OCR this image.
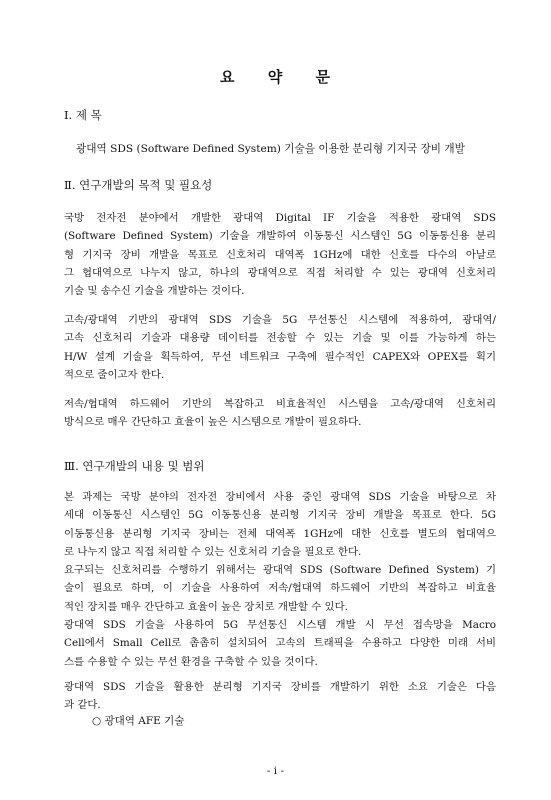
요 약 문
Ⅰ. 제 목
광대역 SDS (Software Defined System) 기술을 이용한 분리형 기지국 장비 개발
Ⅱ. 연구개발의 목적 및 필요성
국방 전자전 분야에서 개발한 광대역 Digital IF 기술을 적용한 광대역 SDS
(Software Defined System) 기술을 개발하여 이동통신 시스템인 5G 이동통신용 분리
형 기지국 장비 개발을 목표로 신호처리 대역폭 1GHz에 대한 신호를 다수의 아날로
그 협대역으로 나누지 않고, 하나의 광대역으로 직접 처리할 수 있는 광대역 신호처리
기술 및 송수신 기술을 개발하는 것이다.
고속/광대역 기반의 광대역 SDS 기술을 5G 무선통신 시스템에 적용하여, 광대역/
고속 신호처리 기술과 대용량 데이터를 전송할 수 있는 기술 및 이를 가능하게 하는
H/W 설계 기술을 획득하여, 무선 네트워크 구축에 필수적인 CAPEX와 OPEX를 획기
적으로 줄이고자 한다.
저속/협대역 하드웨어 기반의 복잡하고 비효율적인 시스템을 고속/광대역 신호처리
방식으로 매우 간단하고 효율이 높은 시스템으로 개발이 필요하다.
Ⅲ. 연구개발의 내용 및 범위
본 과제는 국방 분야의 전자전 장비에서 사용 중인 광대역 SDS 기술을 바탕으로 차
세대 이동통신 시스템인 5G 이동통신용 분리형 기지국 장비 개발을 목표로 한다. 5G
이동통신용 분리형 기지국 장비는 전체 대역폭 1GHz에 대한 신호를 별도의 협대역으
로 나누지 않고 직접 처리할 수 있는 신호처리 기술을 필요로 한다.
요구되는 신호처리를 수행하기 위해서는 광대역 SDS (Software Defined System) 기
술이 필요로 하며, 이 기술을 사용하여 저속/협대역 하드웨어 기반의 복잡하고 비효율
적인 장치를 매우 간단하고 효율이 높은 장치로 개발할 수 있다.
광대역 SDS 기술을 사용하여 5G 무선통신 시스템 개발 시 무선 접속망을 Macro
Cell에서 Small Cell로 촘촘히 설치되어 고속의 트래픽을 수용하고 다양한 미래 서비
스를 수용할 수 있는 무선 환경을 구축할 수 있을 것이다.
광대역 SDS 기술을 활용한 분리형 기지국 장비를 개발하기 위한 소요 기술은 다음
과 같다.
○ 광대역 AFE 기술
- i -
